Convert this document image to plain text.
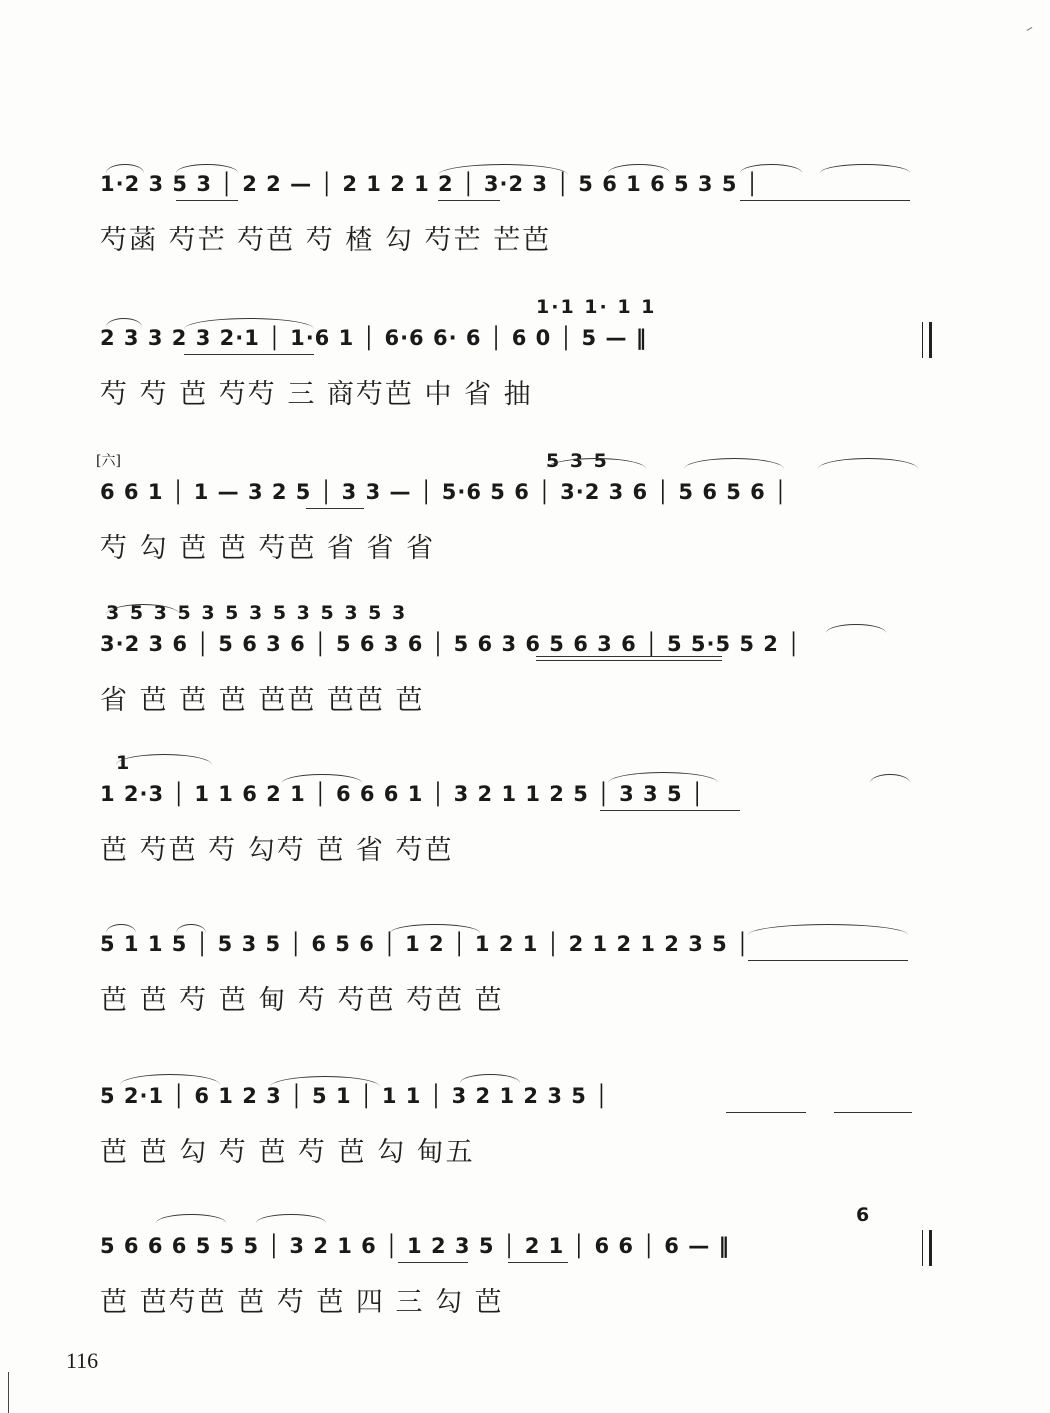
1·2 3 5 3 │ 2 2 — │ 2 1 2 1 2 │ 3·2 3 │ 5 6 1 6 5 3 5 │
芍菡 芍芒 芍芭 芍 楂 勾 芍芒 芒芭
1·1 1· 1 1
2 3 3 2 3 2·1 │ 1·6 1 │ 6·6 6· 6 │ 6 0 │ 5 — ‖
芍 芍 芭 芍芍 三 商芍芭 中 省 抽
[六]	5 3 5
6 6 1 │ 1 — 3 2 5 │ 3 3 — │ 5·6 5 6 │ 3·2 3 6 │ 5 6 5 6 │
芍 勾 芭 芭 芍芭 省 省 省
3 5 3 5 3 5 3 5 3 5 3 5 3
3·2 3 6 │ 5 6 3 6 │ 5 6 3 6 │ 5 6 3 6 5 6 3 6 │ 5 5·5 5 2 │
省 芭 芭 芭 芭芭 芭芭 芭
1
1 2·3 │ 1 1 6 2 1 │ 6 6 6 1 │ 3 2 1 1 2 5 │ 3 3 5 │
芭 芍芭 芍 勾芍 芭 省 芍芭
5 1 1 5 │ 5 3 5 │ 6 5 6 │ 1 2 │ 1 2 1 │ 2 1 2 1 2 3 5 │
芭 芭 芍 芭 甸 芍 芍芭 芍芭 芭
5 2·1 │ 6 1 2 3 │ 5 1 │ 1 1 │ 3 2 1 2 3 5 │
芭 芭 勾 芍 芭 芍 芭 勾 甸五
6
5 6 6 6 5 5 5 │ 3 2 1 6 │ 1 2 3 5 │ 2 1 │ 6 6 │ 6 — ‖
芭 芭芍芭 芭 芍 芭 四 三 勾 芭
116
